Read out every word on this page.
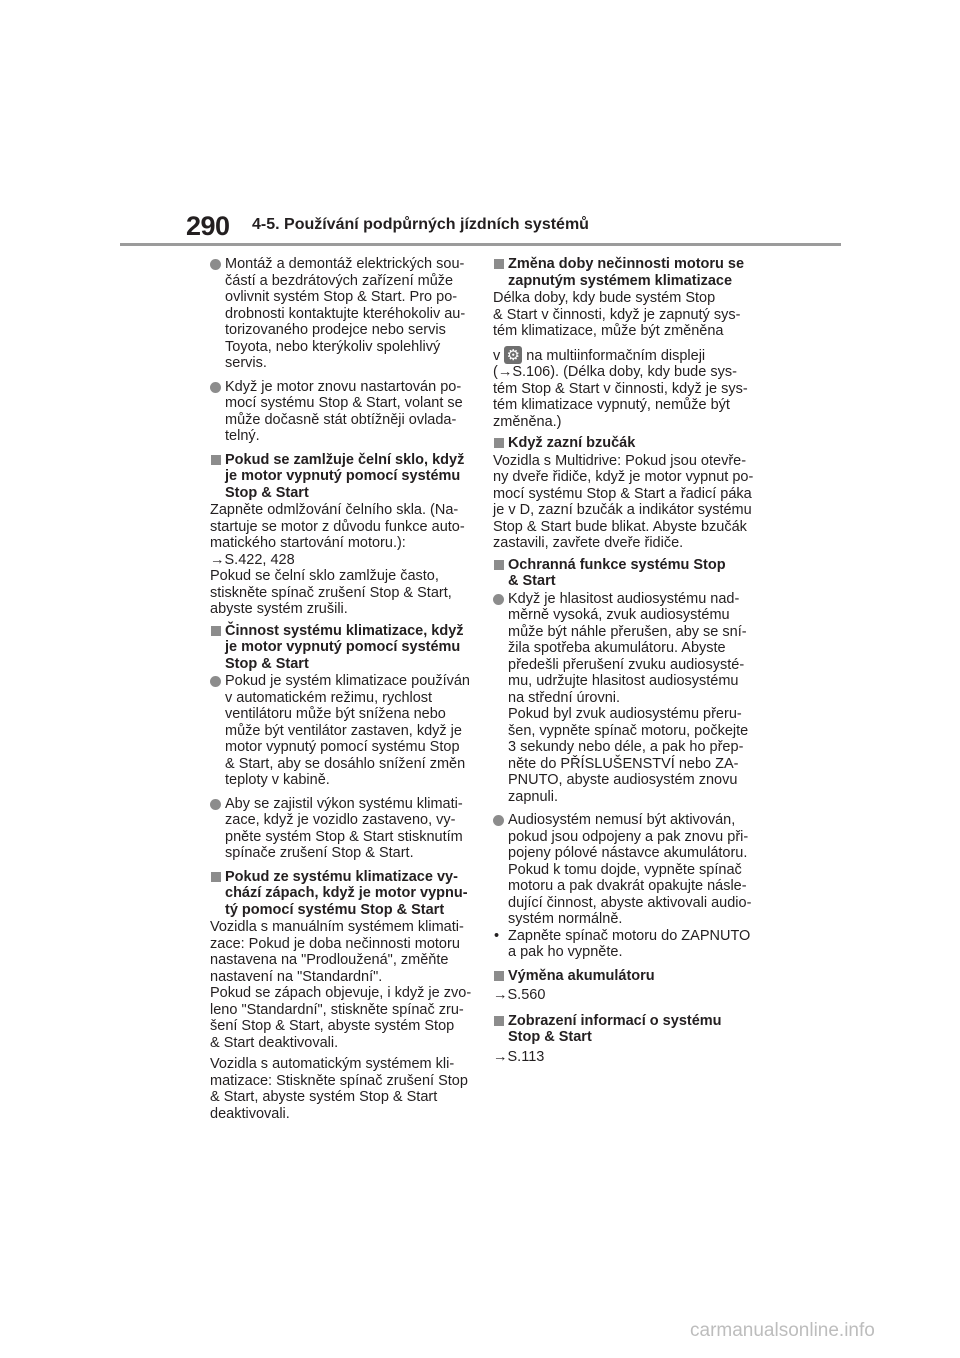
290 4-5. Používání podpůrných jízdních systémů
Montáž a demontáž elektrických sou-
částí a bezdrátových zařízení může
ovlivnit systém Stop & Start. Pro po-
drobnosti kontaktujte kteréhokoliv au-
torizovaného prodejce nebo servis
Toyota, nebo kterýkoliv spolehlivý
servis.
Když je motor znovu nastartován po-
mocí systému Stop & Start, volant se
může dočasně stát obtížněji ovlada-
telný.
Pokud se zamlžuje čelní sklo, když
je motor vypnutý pomocí systému
Stop & Start
Zapněte odmlžování čelního skla. (Na-
startuje se motor z důvodu funkce auto-
matického startování motoru.):
→S.422, 428
Pokud se čelní sklo zamlžuje často,
stiskněte spínač zrušení Stop & Start,
abyste systém zrušili.
Činnost systému klimatizace, když
je motor vypnutý pomocí systému
Stop & Start
Pokud je systém klimatizace používán
v automatickém režimu, rychlost
ventilátoru může být snížena nebo
může být ventilátor zastaven, když je
motor vypnutý pomocí systému Stop
& Start, aby se dosáhlo snížení změn
teploty v kabině.
Aby se zajistil výkon systému klimati-
zace, když je vozidlo zastaveno, vy-
pněte systém Stop & Start stisknutím
spínače zrušení Stop & Start.
Pokud ze systému klimatizace vy-
chází zápach, když je motor vypnu-
tý pomocí systému Stop & Start
Vozidla s manuálním systémem klimati-
zace: Pokud je doba nečinnosti motoru
nastavena na "Prodloužená", změňte
nastavení na "Standardní".
Pokud se zápach objevuje, i když je zvo-
leno "Standardní", stiskněte spínač zru-
šení Stop & Start, abyste systém Stop
& Start deaktivovali.
Vozidla s automatickým systémem kli-
matizace: Stiskněte spínač zrušení Stop
& Start, abyste systém Stop & Start
deaktivovali.
Změna doby nečinnosti motoru se
zapnutým systémem klimatizace
Délka doby, kdy bude systém Stop
& Start v činnosti, když je zapnutý sys-
tém klimatizace, může být změněna
v⚙ na multiinformačním displeji
(→S.106). (Délka doby, kdy bude sys-
tém Stop & Start v činnosti, když je sys-
tém klimatizace vypnutý, nemůže být
změněna.)
Když zazní bzučák
Vozidla s Multidrive: Pokud jsou otevře-
ny dveře řidiče, když je motor vypnut po-
mocí systému Stop & Start a řadicí páka
je v D, zazní bzučák a indikátor systému
Stop & Start bude blikat. Abyste bzučák
zastavili, zavřete dveře řidiče.
Ochranná funkce systému Stop
& Start
Když je hlasitost audiosystému nad-
měrně vysoká, zvuk audiosystému
může být náhle přerušen, aby se sní-
žila spotřeba akumulátoru. Abyste
předešli přerušení zvuku audiosysté-
mu, udržujte hlasitost audiosystému
na střední úrovni.
Pokud byl zvuk audiosystému přeru-
šen, vypněte spínač motoru, počkejte
3 sekundy nebo déle, a pak ho přep-
něte do PŘÍSLUŠENSTVÍ nebo ZA-
PNUTO, abyste audiosystém znovu
zapnuli.
Audiosystém nemusí být aktivován,
pokud jsou odpojeny a pak znovu při-
pojeny pólové nástavce akumulátoru.
Pokud k tomu dojde, vypněte spínač
motoru a pak dvakrát opakujte násle-
dující činnost, abyste aktivovali audio-
systém normálně.
• Zapněte spínač motoru do ZAPNUTO
a pak ho vypněte.
Výměna akumulátoru
→S.560
Zobrazení informací o systému
Stop & Start
→S.113
carmanualsonline.info
